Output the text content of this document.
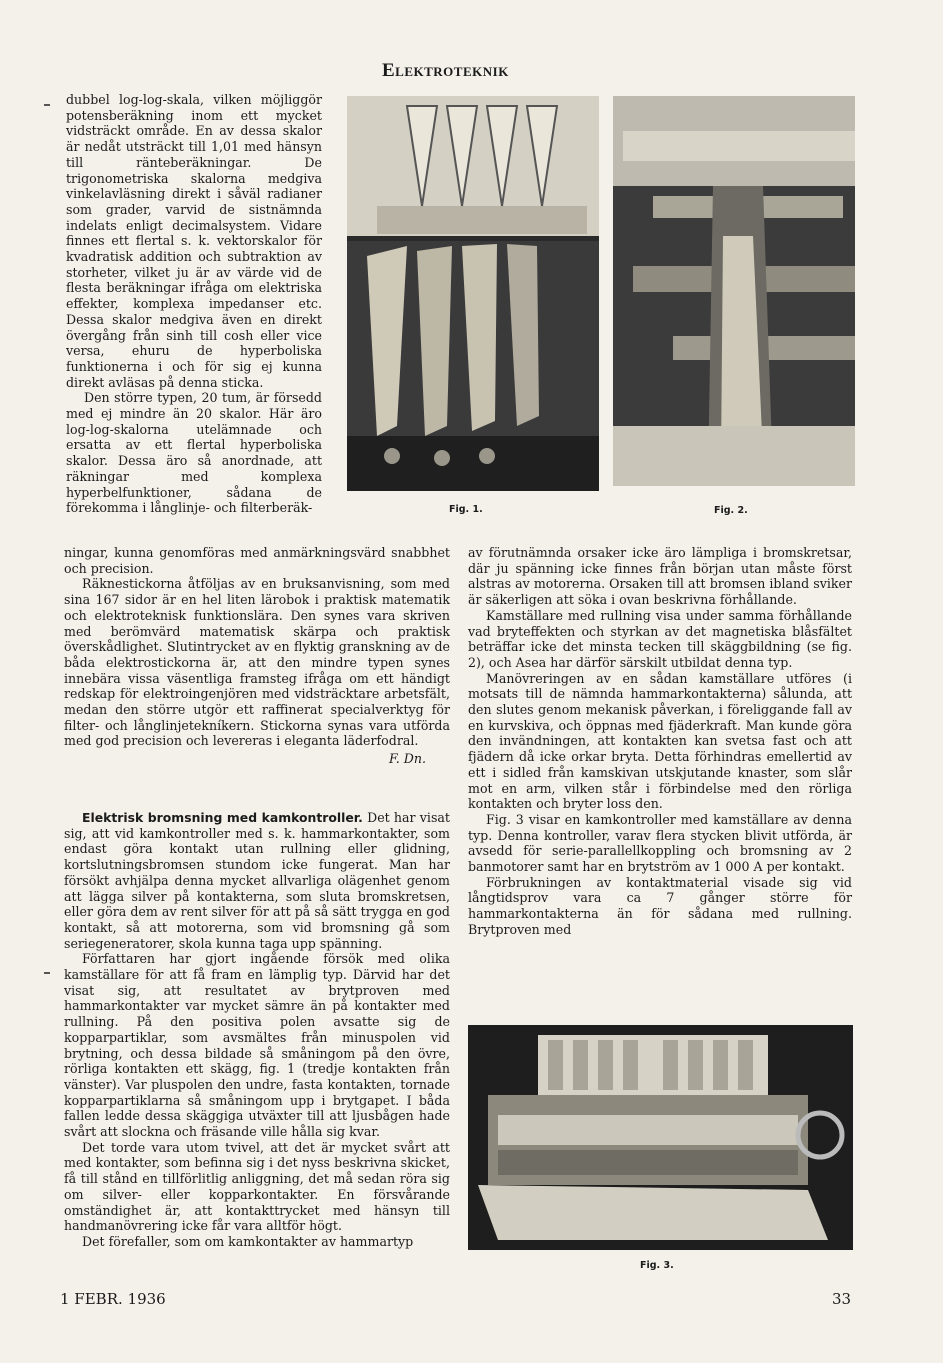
Elektroteknik

dubbel log-log-skala, vilken möjliggör potensberäkning inom ett mycket vidsträckt område. En av dessa skalor är nedåt utsträckt till 1,01 med hänsyn till ränteberäkningar. De trigonometriska skalorna medgiva vinkelavläsning direkt i såväl radianer som grader, varvid de sistnämnda indelats enligt decimalsystem. Vidare finnes ett flertal s. k. vektorskalor för kvadratisk addition och subtraktion av storheter, vilket ju är av värde vid de flesta beräkningar ifråga om elektriska effekter, komplexa impedanser etc. Dessa skalor medgiva även en direkt övergång från sinh till cosh eller vice versa, ehuru de hyperboliska funktionerna i och för sig ej kunna direkt avläsas på denna sticka.

Den större typen, 20 tum, är försedd med ej mindre än 20 skalor. Här äro log-log-skalorna utelämnade och ersatta av ett flertal hyperboliska skalor. Dessa äro så anordnade, att räkningar med komplexa hyperbelfunktioner, sådana de förekomma i långlinje- och filterberäk-

ningar, kunna genomföras med anmärkningsvärd snabbhet och precision.

Räknestickorna åtföljas av en bruksanvisning, som med sina 167 sidor är en hel liten lärobok i praktisk matematik och elektroteknisk funktionslära. Den synes vara skriven med berömvärd matematisk skärpa och praktisk överskådlighet. Slutintrycket av en flyktig granskning av de båda elektrostickorna är, att den mindre typen synes innebära vissa väsentliga framsteg ifråga om ett händigt redskap för elektroingenjören med vidsträcktare arbetsfält, medan den större utgör ett raffinerat specialverktyg för filter- och långlinjetekníkern. Stickorna synas vara utförda med god precision och levereras i eleganta läderfodral.

F. Dn.

Elektrisk bromsning med kamkontroller. Det har visat sig, att vid kamkontroller med s. k. hammarkontakter, som endast göra kontakt utan rullning eller glidning, kortslutningsbromsen stundom icke fungerat. Man har försökt avhjälpa denna mycket allvarliga olägenhet genom att lägga silver på kontakterna, som sluta bromskretsen, eller göra dem av rent silver för att på så sätt trygga en god kontakt, så att motorerna, som vid bromsning gå som seriegeneratorer, skola kunna taga upp spänning.

Författaren har gjort ingående försök med olika kamställare för att få fram en lämplig typ. Därvid har det visat sig, att resultatet av brytproven med hammarkontakter var mycket sämre än på kontakter med rullning. På den positiva polen avsatte sig de kopparpartiklar, som avsmältes från minuspolen vid brytning, och dessa bildade så småningom på den övre, rörliga kontakten ett skägg, fig. 1 (tredje kontakten från vänster). Var pluspolen den undre, fasta kontakten, tornade kopparpartiklarna så småningom upp i brytgapet. I båda fallen ledde dessa skäggiga utväxter till att ljusbågen hade svårt att slockna och fräsande ville hålla sig kvar.

Det torde vara utom tvivel, att det är mycket svårt att med kontakter, som befinna sig i det nyss beskrivna skicket, få till stånd en tillförlitlig anliggning, det må sedan röra sig om silver- eller kopparkontakter. En försvårande omständighet är, att kontakttrycket med hänsyn till handmanövrering icke får vara alltför högt.

Det förefaller, som om kamkontakter av hammartyp

av förutnämnda orsaker icke äro lämpliga i bromskretsar, där ju spänning icke finnes från början utan måste först alstras av motorerna. Orsaken till att bromsen ibland sviker är säkerligen att söka i ovan beskrivna förhållande.

Kamställare med rullning visa under samma förhållande vad bryteffekten och styrkan av det magnetiska blåsfältet beträffar icke det minsta tecken till skäggbildning (se fig. 2), och Asea har därför särskilt utbildat denna typ.

Manövreringen av en sådan kamställare utföres (i motsats till de nämnda hammarkontakterna) sålunda, att den slutes genom mekanisk påverkan, i föreliggande fall av en kurvskiva, och öppnas med fjäderkraft. Man kunde göra den invändningen, att kontakten kan svetsa fast och att fjädern då icke orkar bryta. Detta förhindras emellertid av ett i sidled från kamskivan utskjutande knaster, som slår mot en arm, vilken står i förbindelse med den rörliga kontakten och bryter loss den.

Fig. 3 visar en kamkontroller med kamställare av denna typ. Denna kontroller, varav flera stycken blivit utförda, är avsedd för serie-parallellkoppling och bromsning av 2 banmotorer samt har en brytström av 1 000 A per kontakt.

Förbrukningen av kontaktmaterial visade sig vid långtidsprov vara ca 7 gånger större för hammarkontakterna än för sådana med rullning. Brytproven med

Fig. 1.	Fig. 2.
Fig. 3.
1 FEBR. 1936	33
